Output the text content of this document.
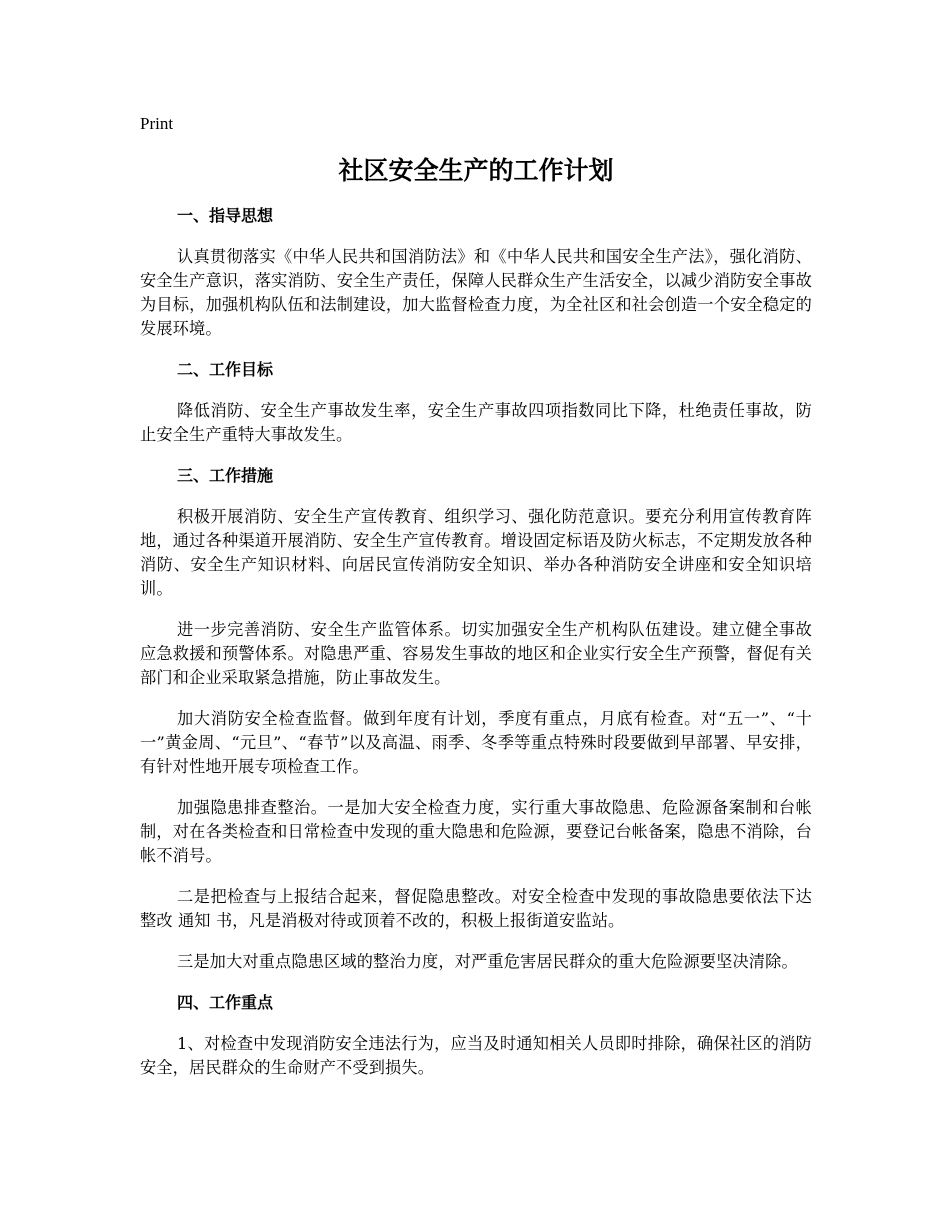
Print
社区安全生产的工作计划
一、指导思想

认真贯彻落实《中华人民共和国消防法》和《中华人民共和国安全生产法》，强化消防、安全生产意识，落实消防、安全生产责任，保障人民群众生产生活安全，以减少消防安全事故为目标，加强机构队伍和法制建设，加大监督检查力度，为全社区和社会创造一个安全稳定的发展环境。

二、工作目标

降低消防、安全生产事故发生率，安全生产事故四项指数同比下降，杜绝责任事故，防止安全生产重特大事故发生。

三、工作措施

积极开展消防、安全生产宣传教育、组织学习、强化防范意识。要充分利用宣传教育阵地，通过各种渠道开展消防、安全生产宣传教育。增设固定标语及防火标志，不定期发放各种消防、安全生产知识材料、向居民宣传消防安全知识、举办各种消防安全讲座和安全知识培训。

进一步完善消防、安全生产监管体系。切实加强安全生产机构队伍建设。建立健全事故应急救援和预警体系。对隐患严重、容易发生事故的地区和企业实行安全生产预警，督促有关部门和企业采取紧急措施，防止事故发生。

加大消防安全检查监督。做到年度有计划，季度有重点，月底有检查。对“五一”、“十一”黄金周、“元旦”、“春节”以及高温、雨季、冬季等重点特殊时段要做到早部署、早安排，有针对性地开展专项检查工作。

加强隐患排查整治。一是加大安全检查力度，实行重大事故隐患、危险源备案制和台帐制，对在各类检查和日常检查中发现的重大隐患和危险源，要登记台帐备案，隐患不消除，台帐不消号。

二是把检查与上报结合起来，督促隐患整改。对安全检查中发现的事故隐患要依法下达整改 通知 书，凡是消极对待或顶着不改的，积极上报街道安监站。

三是加大对重点隐患区域的整治力度，对严重危害居民群众的重大危险源要坚决清除。

四、工作重点

1、对检查中发现消防安全违法行为，应当及时通知相关人员即时排除，确保社区的消防安全，居民群众的生命财产不受到损失。
